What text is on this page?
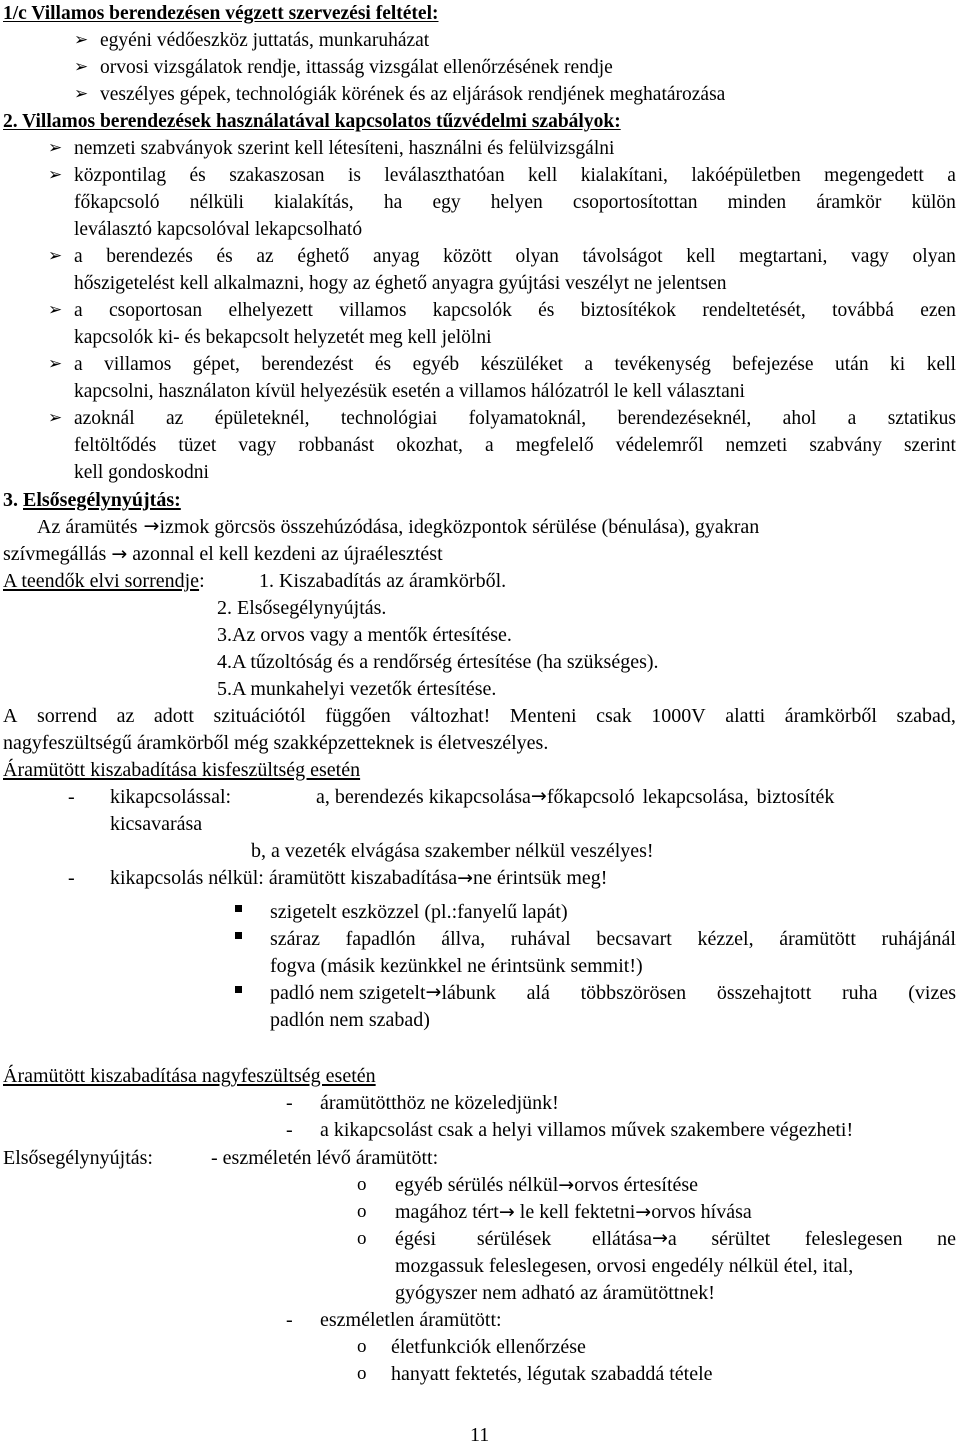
1/c Villamos berendezésen végzett szervezési feltétel:
➢ egyéni védőeszköz juttatás, munkaruházat
➢ orvosi vizsgálatok rendje, ittasság vizsgálat ellenőrzésének rendje
➢ veszélyes gépek, technológiák körének és az eljárások rendjének meghatározása
2. Villamos berendezések használatával kapcsolatos tűzvédelmi szabályok:
➢ nemzeti szabványok szerint kell létesíteni, használni és felülvizsgálni
➢ központilag és szakaszosan is leválaszthatóan kell kialakítani, lakóépületben megengedett a
főkapcsoló nélküli kialakítás, ha egy helyen csoportosítottan minden áramkör külön
leválasztó kapcsolóval lekapcsolható
➢ a berendezés és az éghető anyag között olyan távolságot kell megtartani, vagy olyan
hőszigetelést kell alkalmazni, hogy az éghető anyagra gyújtási veszélyt ne jelentsen
➢ a csoportosan elhelyezett villamos kapcsolók és biztosítékok rendeltetését, továbbá ezen
kapcsolók ki- és bekapcsolt helyzetét meg kell jelölni
➢ a villamos gépet, berendezést és egyéb készüléket a tevékenység befejezése után ki kell
kapcsolni, használaton kívül helyezésük esetén a villamos hálózatról le kell választani
➢ azoknál az épületeknél, technológiai folyamatoknál, berendezéseknél, ahol a sztatikus
feltöltődés tüzet vagy robbanást okozhat, a megfelelő védelemről nemzeti szabvány szerint
kell gondoskodni
3. Elsősegélynyújtás:
Az áramütés → izmok görcsös összehúzódása, idegközpontok sérülése (bénulása), gyakran
szívmegállás → azonnal el kell kezdeni az újraélesztést
A teendők elvi sorrendje:	1. Kiszabadítás az áramkörből.
2. Elsősegélynyújtás.
3.Az orvos vagy a mentők értesítése.
4.A tűzoltóság és a rendőrség értesítése (ha szükséges).
5.A munkahelyi vezetők értesítése.
A sorrend az adott szituációtól függően változhat! Menteni csak 1000V alatti áramkörből szabad,
nagyfeszültségű áramkörből még szakképzetteknek is életveszélyes.
Áramütött kiszabadítása kisfeszültség esetén
- kikapcsolással:	a, berendezés kikapcsolása → főkapcsoló lekapcsolása, biztosíték
kicsavarása
b, a vezeték elvágása szakember nélkül veszélyes!
- kikapcsolás nélkül: áramütött kiszabadítása→ne érintsük meg!
szigetelt eszközzel (pl.:fanyelű lapát)
száraz fapadlón állva, ruhával becsavart kézzel, áramütött ruhájánál
fogva (másik kezünkkel ne érintsünk semmit!)
padló nem szigetelt → lábunk alá többszörösen összehajtott ruha (vizes
padlón nem szabad)
Áramütött kiszabadítása nagyfeszültség esetén
- áramütötthöz ne közeledjünk!
- a kikapcsolást csak a helyi villamos művek szakembere végezheti!
Elsősegélynyújtás:	- eszméletén lévő áramütött:
o egyéb sérülés nélkül→orvos értesítése
o magához tért→ le kell fektetni→orvos hívása
o égési sérülések ellátása → a sérültet feleslegesen ne
mozgassuk feleslegesen, orvosi engedély nélkül étel, ital,
gyógyszer nem adható az áramütöttnek!
- eszméletlen áramütött:
o életfunkciók ellenőrzése
o hanyatt fektetés, légutak szabaddá tétele
11
